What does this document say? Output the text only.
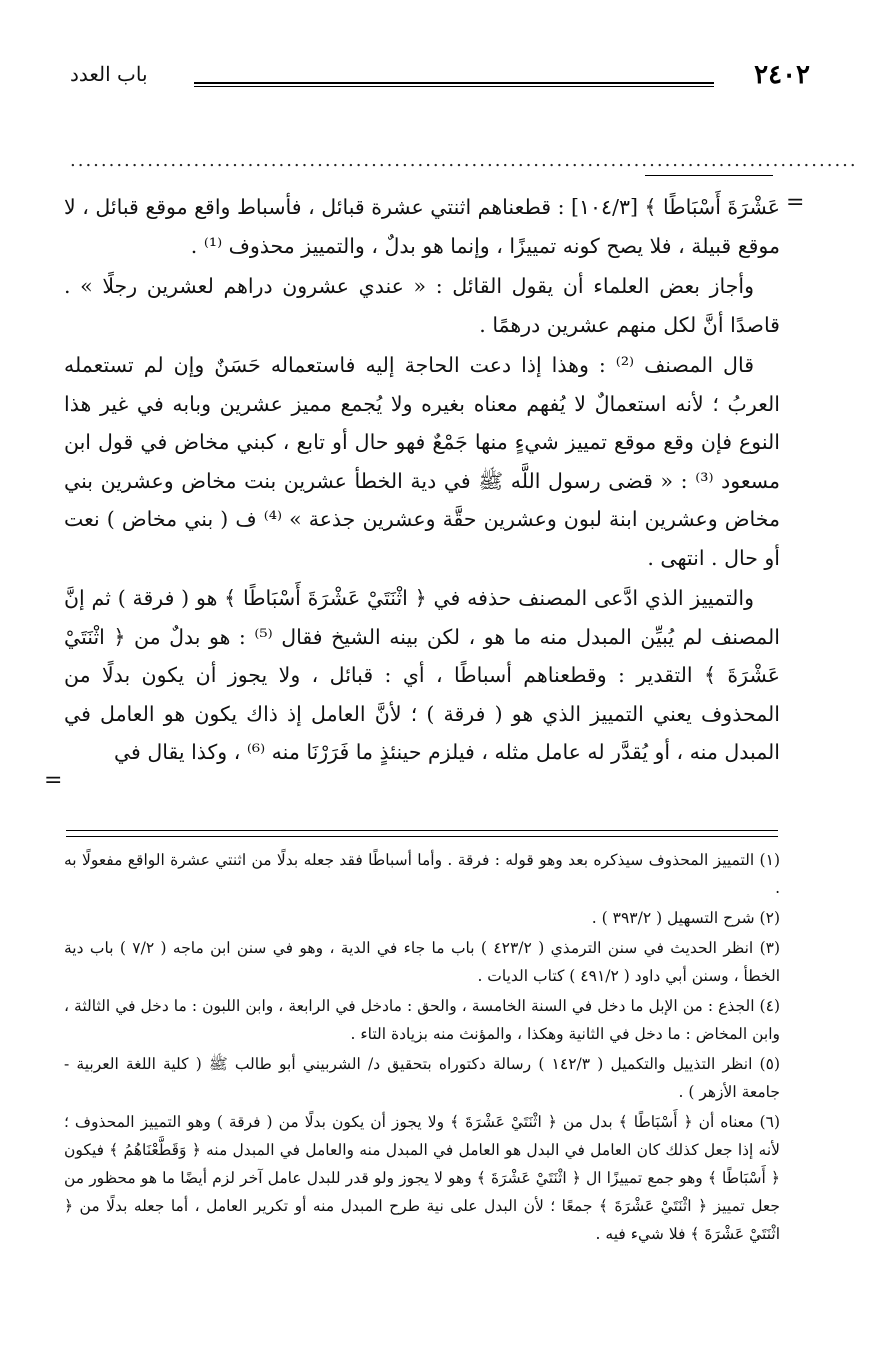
٢٤٠٢
باب العدد
......................................................................................................
=

عَشْرَةَ أَسْبَاطًا ﴾ [١٠٤/٣] : قطعناهم اثنتي عشرة قبائل ، فأسباط واقع موقع قبائل ، لا موقع قبيلة ، فلا يصح كونه تمييزًا ، وإنما هو بدلٌ ، والتمييز محذوف ⁽¹⁾ .

وأجاز بعض العلماء أن يقول القائل : « عندي عشرون دراهم لعشرين رجلًا » . قاصدًا أنَّ لكل منهم عشرين درهمًا .

قال المصنف ⁽²⁾ : وهذا إذا دعت الحاجة إليه فاستعماله حَسَنٌ وإن لم تستعمله العربُ ؛ لأنه استعمالٌ لا يُفهم معناه بغيره ولا يُجمع مميز عشرين وبابه في غير هذا النوع فإن وقع موقع تمييز شيءٍ منها جَمْعٌ فهو حال أو تابع ، كبني مخاض في قول ابن مسعود ⁽³⁾ : « قضى رسول اللَّه ﷺ في دية الخطأ عشرين بنت مخاض وعشرين بني مخاض وعشرين ابنة لبون وعشرين حقَّة وعشرين جذعة » ⁽⁴⁾ ف ( بني مخاض ) نعت أو حال . انتهى .

والتمييز الذي ادَّعى المصنف حذفه في ﴿ اثْنَتَيْ عَشْرَةَ أَسْبَاطًا ﴾ هو ( فرقة ) ثم إنَّ المصنف لم يُبيِّن المبدل منه ما هو ، لكن بينه الشيخ فقال ⁽⁵⁾ : هو بدلٌ من ﴿ اثْنَتَيْ عَشْرَةَ ﴾ التقدير : وقطعناهم أسباطًا ، أي : قبائل ، ولا يجوز أن يكون بدلًا من المحذوف يعني التمييز الذي هو ( فرقة ) ؛ لأنَّ العامل إذ ذاك يكون هو العامل في المبدل منه ، أو يُقدَّر له عامل مثله ، فيلزم حينئذٍ ما فَرَرْنَا منه ⁽⁶⁾ ، وكذا يقال في

=

(١) التمييز المحذوف سيذكره بعد وهو قوله : فرقة . وأما أسباطًا فقد جعله بدلًا من اثنتي عشرة الواقع مفعولًا به .

(٢) شرح التسهيل ( ٣٩٣/٢ ) .

(٣) انظر الحديث في سنن الترمذي ( ٤٢٣/٢ ) باب ما جاء في الدية ، وهو في سنن ابن ماجه ( ٧/٢ ) باب دية الخطأ ، وسنن أبي داود ( ٤٩١/٢ ) كتاب الديات .

(٤) الجذع : من الإبل ما دخل في السنة الخامسة ، والحق : مادخل في الرابعة ، وابن اللبون : ما دخل في الثالثة ، وابن المخاض : ما دخل في الثانية وهكذا ، والمؤنث منه بزيادة التاء .

(٥) انظر التذييل والتكميل ( ١٤٢/٣ ) رسالة دكتوراه بتحقيق د/ الشربيني أبو طالب ﷺ ( كلية اللغة العربية - جامعة الأزهر ) .

(٦) معناه أن ﴿ أَسْبَاطًا ﴾ بدل من ﴿ اثْنَتَيْ عَشْرَةَ ﴾ ولا يجوز أن يكون بدلًا من ( فرقة ) وهو التمييز المحذوف ؛ لأنه إذا جعل كذلك كان العامل في البدل هو العامل في المبدل منه والعامل في المبدل منه ﴿ وَقَطَّعْنَاهُمُ ﴾ فيكون ﴿ أَسْبَاطًا ﴾ وهو جمع تمييزًا ال ﴿ اثْنَتَيْ عَشْرَةَ ﴾ وهو لا يجوز ولو قدر للبدل عامل آخر لزم أيضًا ما هو محظور من جعل تمييز ﴿ اثْنَتَيْ عَشْرَةَ ﴾ جمعًا ؛ لأن البدل على نية طرح المبدل منه أو تكرير العامل ، أما جعله بدلًا من ﴿ اثْنَتَيْ عَشْرَةَ ﴾ فلا شيء فيه .
